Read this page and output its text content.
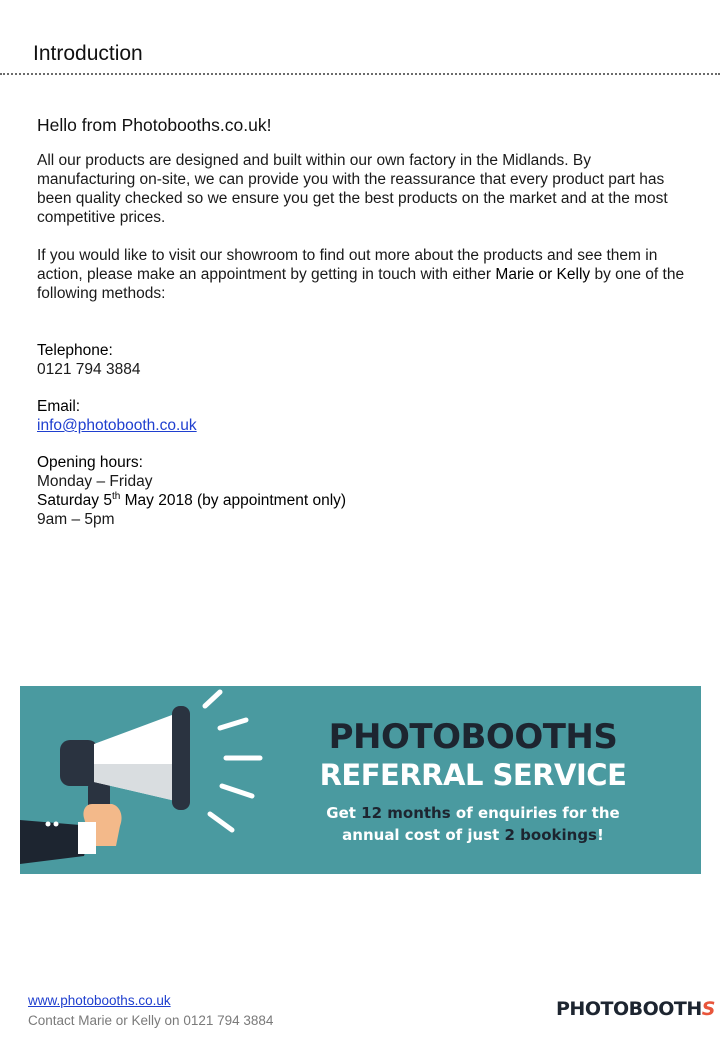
Introduction
Hello from Photobooths.co.uk!

All our products are designed and built within our own factory in the Midlands. By manufacturing on-site, we can provide you with the reassurance that every product part has been quality checked so we ensure you get the best products on the market and at the most competitive prices.

If you would like to visit our showroom to find out more about the products and see them in action, please make an appointment by getting in touch with either Marie or Kelly by one of the following methods:

Telephone:
0121 794 3884
Email:
info@photobooth.co.uk
Opening hours:
Monday – Friday
Saturday 5th May 2018 (by appointment only)
9am – 5pm
PHOTOBOOTHS
REFERRAL SERVICE
Get 12 months of enquiries for the annual cost of just 2 bookings!
www.photobooths.co.uk
Contact Marie or Kelly on 0121 794 3884
PHOTOBOOTHS
